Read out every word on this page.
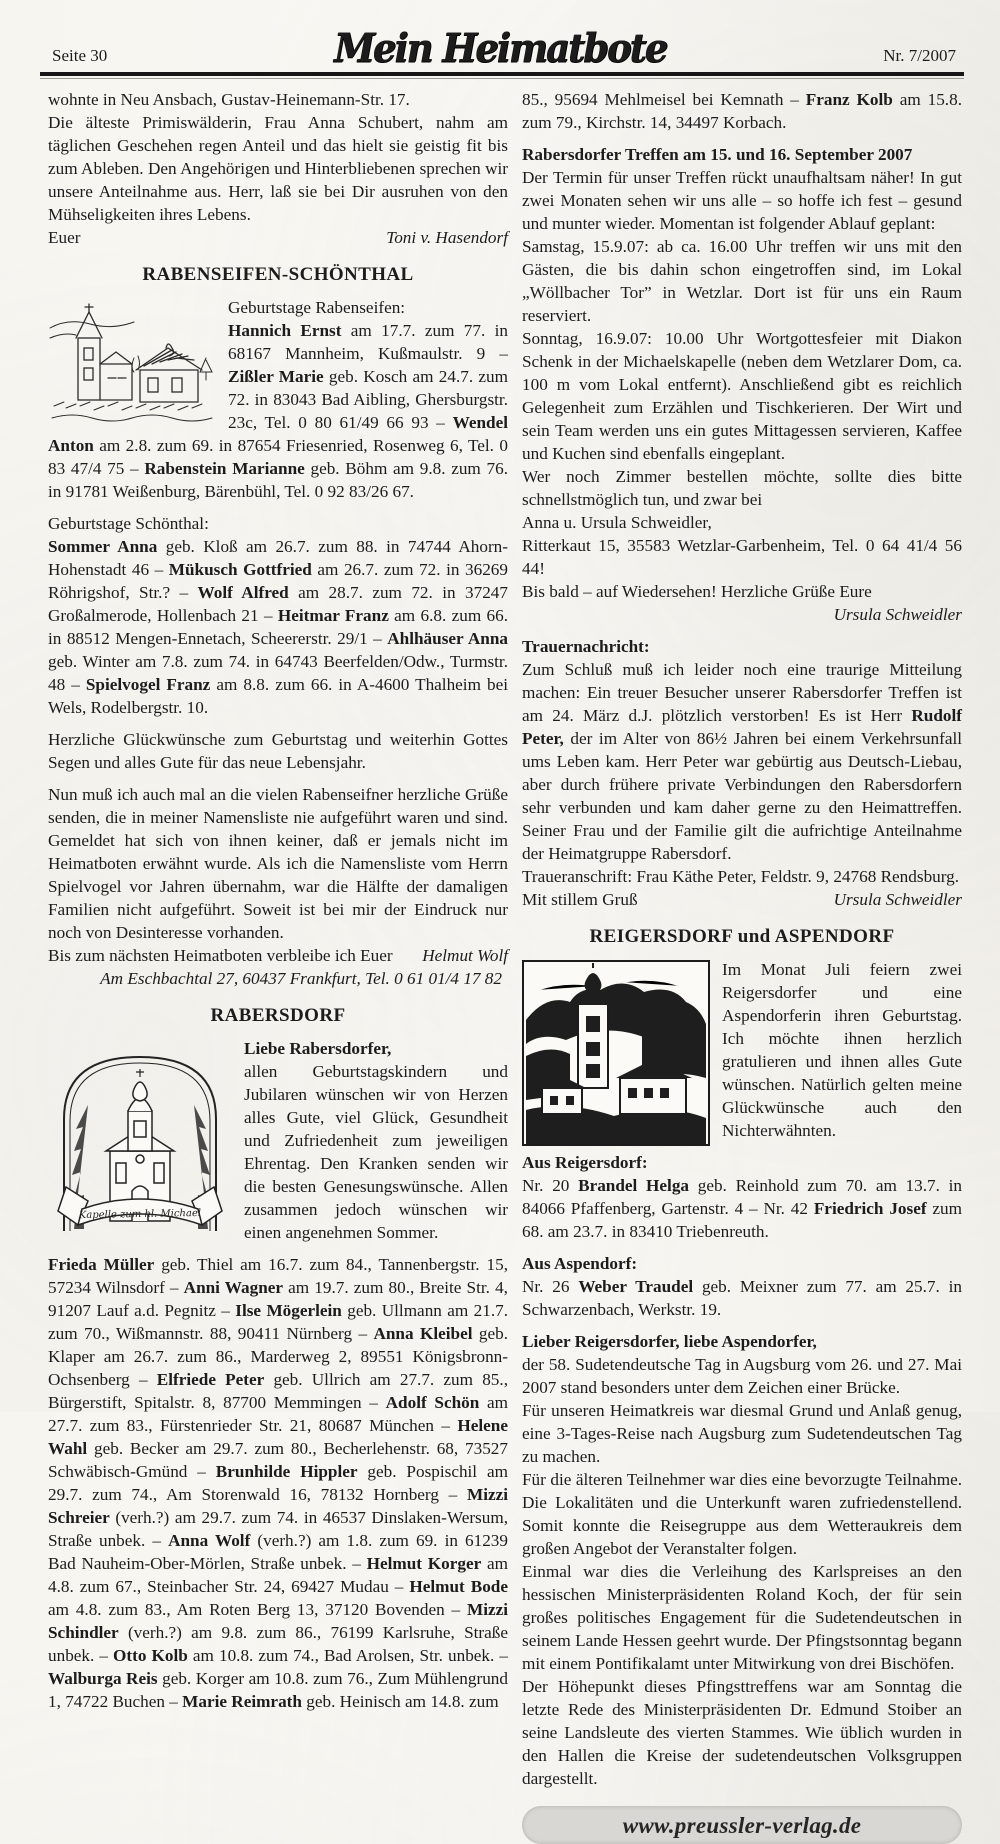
Seite 30	Mein Heimatbote	Nr. 7/2007

wohnte in Neu Ansbach, Gustav-Heinemann-Str. 17.

Die älteste Primiswälderin, Frau Anna Schubert, nahm am täglichen Geschehen regen Anteil und das hielt sie geistig fit bis zum Ableben. Den Angehörigen und Hinterbliebenen sprechen wir unsere Anteilnahme aus. Herr, laß sie bei Dir ausruhen von den Mühseligkeiten ihres Lebens.

Euer	Toni v. Hasendorf
RABENSEIFEN-SCHÖNTHAL

Geburtstage Rabenseifen:

Hannich Ernst am 17.7. zum 77. in 68167 Mannheim, Kußmaulstr. 9 – Zißler Marie geb. Kosch am 24.7. zum 72. in 83043 Bad Aibling, Ghersburgstr. 23c, Tel. 0 80 61/49 66 93 – Wendel Anton am 2.8. zum 69. in 87654 Friesenried, Rosenweg 6, Tel. 0 83 47/4 75 – Rabenstein Marianne geb. Böhm am 9.8. zum 76. in 91781 Weißenburg, Bärenbühl, Tel. 0 92 83/26 67.

Geburtstage Schönthal:

Sommer Anna geb. Kloß am 26.7. zum 88. in 74744 Ahorn-Hohenstadt 46 – Mükusch Gottfried am 26.7. zum 72. in 36269 Röhrigshof, Str.? – Wolf Alfred am 28.7. zum 72. in 37247 Großalmerode, Hollenbach 21 – Heitmar Franz am 6.8. zum 66. in 88512 Mengen-Ennetach, Scheererstr. 29/1 – Ahlhäuser Anna geb. Winter am 7.8. zum 74. in 64743 Beerfelden/Odw., Turmstr. 48 – Spielvogel Franz am 8.8. zum 66. in A-4600 Thalheim bei Wels, Rodelbergstr. 10.

Herzliche Glückwünsche zum Geburtstag und weiterhin Gottes Segen und alles Gute für das neue Lebensjahr.

Nun muß ich auch mal an die vielen Rabenseifner herzliche Grüße senden, die in meiner Namensliste nie aufgeführt waren und sind. Gemeldet hat sich von ihnen keiner, daß er jemals nicht im Heimatboten erwähnt wurde. Als ich die Namensliste vom Herrn Spielvogel vor Jahren übernahm, war die Hälfte der damaligen Familien nicht aufgeführt. Soweit ist bei mir der Eindruck nur noch von Desinteresse vorhanden.

Bis zum nächsten Heimatboten verbleibe ich Euer Helmut Wolf
Am Eschbachtal 27, 60437 Frankfurt, Tel. 0 61 01/4 17 82
RABERSDORF
Kapelle zum hl. Michael

Liebe Rabersdorfer,

allen Geburtstagskindern und Jubilaren wünschen wir von Herzen alles Gute, viel Glück, Gesundheit und Zufriedenheit zum jeweiligen Ehrentag. Den Kranken senden wir die besten Genesungswünsche. Allen zusammen jedoch wünschen wir einen angenehmen Sommer.

Frieda Müller geb. Thiel am 16.7. zum 84., Tannenbergstr. 15, 57234 Wilnsdorf – Anni Wagner am 19.7. zum 80., Breite Str. 4, 91207 Lauf a.d. Pegnitz – Ilse Mögerlein geb. Ullmann am 21.7. zum 70., Wißmannstr. 88, 90411 Nürnberg – Anna Kleibel geb. Klaper am 26.7. zum 86., Marderweg 2, 89551 Königsbronn-Ochsenberg – Elfriede Peter geb. Ullrich am 27.7. zum 85., Bürgerstift, Spitalstr. 8, 87700 Memmingen – Adolf Schön am 27.7. zum 83., Fürstenrieder Str. 21, 80687 München – Helene Wahl geb. Becker am 29.7. zum 80., Becherlehenstr. 68, 73527 Schwäbisch-Gmünd – Brunhilde Hippler geb. Pospischil am 29.7. zum 74., Am Storenwald 16, 78132 Hornberg – Mizzi Schreier (verh.?) am 29.7. zum 74. in 46537 Dinslaken-Wersum, Straße unbek. – Anna Wolf (verh.?) am 1.8. zum 69. in 61239 Bad Nauheim-Ober-Mörlen, Straße unbek. – Helmut Korger am 4.8. zum 67., Steinbacher Str. 24, 69427 Mudau – Helmut Bode am 4.8. zum 83., Am Roten Berg 13, 37120 Bovenden – Mizzi Schindler (verh.?) am 9.8. zum 86., 76199 Karlsruhe, Straße unbek. – Otto Kolb am 10.8. zum 74., Bad Arolsen, Str. unbek. – Walburga Reis geb. Korger am 10.8. zum 76., Zum Mühlengrund 1, 74722 Buchen – Marie Reimrath geb. Heinisch am 14.8. zum

85., 95694 Mehlmeisel bei Kemnath – Franz Kolb am 15.8. zum 79., Kirchstr. 14, 34497 Korbach.

Rabersdorfer Treffen am 15. und 16. September 2007

Der Termin für unser Treffen rückt unaufhaltsam näher! In gut zwei Monaten sehen wir uns alle – so hoffe ich fest – gesund und munter wieder. Momentan ist folgender Ablauf geplant:

Samstag, 15.9.07: ab ca. 16.00 Uhr treffen wir uns mit den Gästen, die bis dahin schon eingetroffen sind, im Lokal „Wöllbacher Tor” in Wetzlar. Dort ist für uns ein Raum reserviert.

Sonntag, 16.9.07: 10.00 Uhr Wortgottesfeier mit Diakon Schenk in der Michaelskapelle (neben dem Wetzlarer Dom, ca. 100 m vom Lokal entfernt). Anschließend gibt es reichlich Gelegenheit zum Erzählen und Tischkerieren. Der Wirt und sein Team werden uns ein gutes Mittagessen servieren, Kaffee und Kuchen sind ebenfalls eingeplant.

Wer noch Zimmer bestellen möchte, sollte dies bitte schnellstmöglich tun, und zwar bei

Anna u. Ursula Schweidler,

Ritterkaut 15, 35583 Wetzlar-Garbenheim, Tel. 0 64 41/4 56 44!

Bis bald – auf Wiedersehen! Herzliche Grüße Eure

Ursula Schweidler

Trauernachricht:

Zum Schluß muß ich leider noch eine traurige Mitteilung machen: Ein treuer Besucher unserer Rabersdorfer Treffen ist am 24. März d.J. plötzlich verstorben! Es ist Herr Rudolf Peter, der im Alter von 86½ Jahren bei einem Verkehrsunfall ums Leben kam. Herr Peter war gebürtig aus Deutsch-Liebau, aber durch frühere private Verbindungen den Rabersdorfern sehr verbunden und kam daher gerne zu den Heimattreffen. Seiner Frau und der Familie gilt die aufrichtige Anteilnahme der Heimatgruppe Rabersdorf.

Traueranschrift: Frau Käthe Peter, Feldstr. 9, 24768 Rendsburg.

Mit stillem Gruß	Ursula Schweidler
REIGERSDORF und ASPENDORF

Im Monat Juli feiern zwei Reigersdorfer und eine Aspendorferin ihren Geburtstag. Ich möchte ihnen herzlich gratulieren und ihnen alles Gute wünschen. Natürlich gelten meine Glückwünsche auch den Nichterwähnten.

Aus Reigersdorf:

Nr. 20 Brandel Helga geb. Reinhold zum 70. am 13.7. in 84066 Pfaffenberg, Gartenstr. 4 – Nr. 42 Friedrich Josef zum 68. am 23.7. in 83410 Triebenreuth.

Aus Aspendorf:

Nr. 26 Weber Traudel geb. Meixner zum 77. am 25.7. in Schwarzenbach, Werkstr. 19.

Lieber Reigersdorfer, liebe Aspendorfer,

der 58. Sudetendeutsche Tag in Augsburg vom 26. und 27. Mai 2007 stand besonders unter dem Zeichen einer Brücke.

Für unseren Heimatkreis war diesmal Grund und Anlaß genug, eine 3-Tages-Reise nach Augsburg zum Sudetendeutschen Tag zu machen.

Für die älteren Teilnehmer war dies eine bevorzugte Teilnahme. Die Lokalitäten und die Unterkunft waren zufriedenstellend. Somit konnte die Reisegruppe aus dem Wetteraukreis dem großen Angebot der Veranstalter folgen.

Einmal war dies die Verleihung des Karlspreises an den hessischen Ministerpräsidenten Roland Koch, der für sein großes politisches Engagement für die Sudetendeutschen in seinem Lande Hessen geehrt wurde. Der Pfingstsonntag begann mit einem Pontifikalamt unter Mitwirkung von drei Bischöfen.

Der Höhepunkt dieses Pfingsttreffens war am Sonntag die letzte Rede des Ministerpräsidenten Dr. Edmund Stoiber an seine Landsleute des vierten Stammes. Wie üblich wurden in den Hallen die Kreise der sudetendeutschen Volksgruppen dargestellt.

www.preussler-verlag.de
